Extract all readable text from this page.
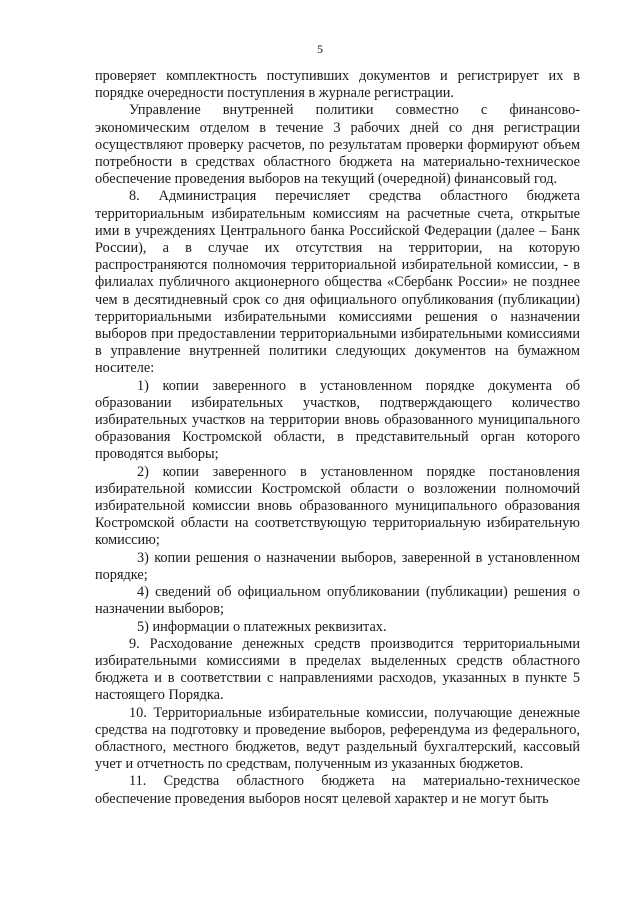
5

проверяет комплектность поступивших документов и регистрирует их в порядке очередности поступления в журнале регистрации.

Управление внутренней политики совместно с финансово-экономическим отделом в течение 3 рабочих дней со дня регистрации осуществляют проверку расчетов, по результатам проверки формируют объем потребности в средствах областного бюджета на материально-техническое обеспечение проведения выборов на текущий (очередной) финансовый год.

8. Администрация перечисляет средства областного бюджета территориальным избирательным комиссиям на расчетные счета, открытые ими в учреждениях Центрального банка Российской Федерации (далее – Банк России), а в случае их отсутствия на территории, на которую распространяются полномочия территориальной избирательной комиссии, - в филиалах публичного акционерного общества «Сбербанк России» не позднее чем в десятидневный срок со дня официального опубликования (публикации) территориальными избирательными комиссиями решения о назначении выборов при предоставлении территориальными избирательными комиссиями в управление внутренней политики следующих документов на бумажном носителе:

1) копии заверенного в установленном порядке документа об образовании избирательных участков, подтверждающего количество избирательных участков на территории вновь образованного муниципального образования Костромской области, в представительный орган которого проводятся выборы;

2) копии заверенного в установленном порядке постановления избирательной комиссии Костромской области о возложении полномочий избирательной комиссии вновь образованного муниципального образования Костромской области на соответствующую территориальную избирательную комиссию;

3) копии решения о назначении выборов, заверенной в установленном порядке;

4) сведений об официальном опубликовании (публикации) решения о назначении выборов;

5) информации о платежных реквизитах.

9. Расходование денежных средств производится территориальными избирательными комиссиями в пределах выделенных средств областного бюджета и в соответствии с направлениями расходов, указанных в пункте 5 настоящего Порядка.

10. Территориальные избирательные комиссии, получающие денежные средства на подготовку и проведение выборов, референдума из федерального, областного, местного бюджетов, ведут раздельный бухгалтерский, кассовый учет и отчетность по средствам, полученным из указанных бюджетов.

11. Средства областного бюджета на материально-техническое обеспечение проведения выборов носят целевой характер и не могут быть
